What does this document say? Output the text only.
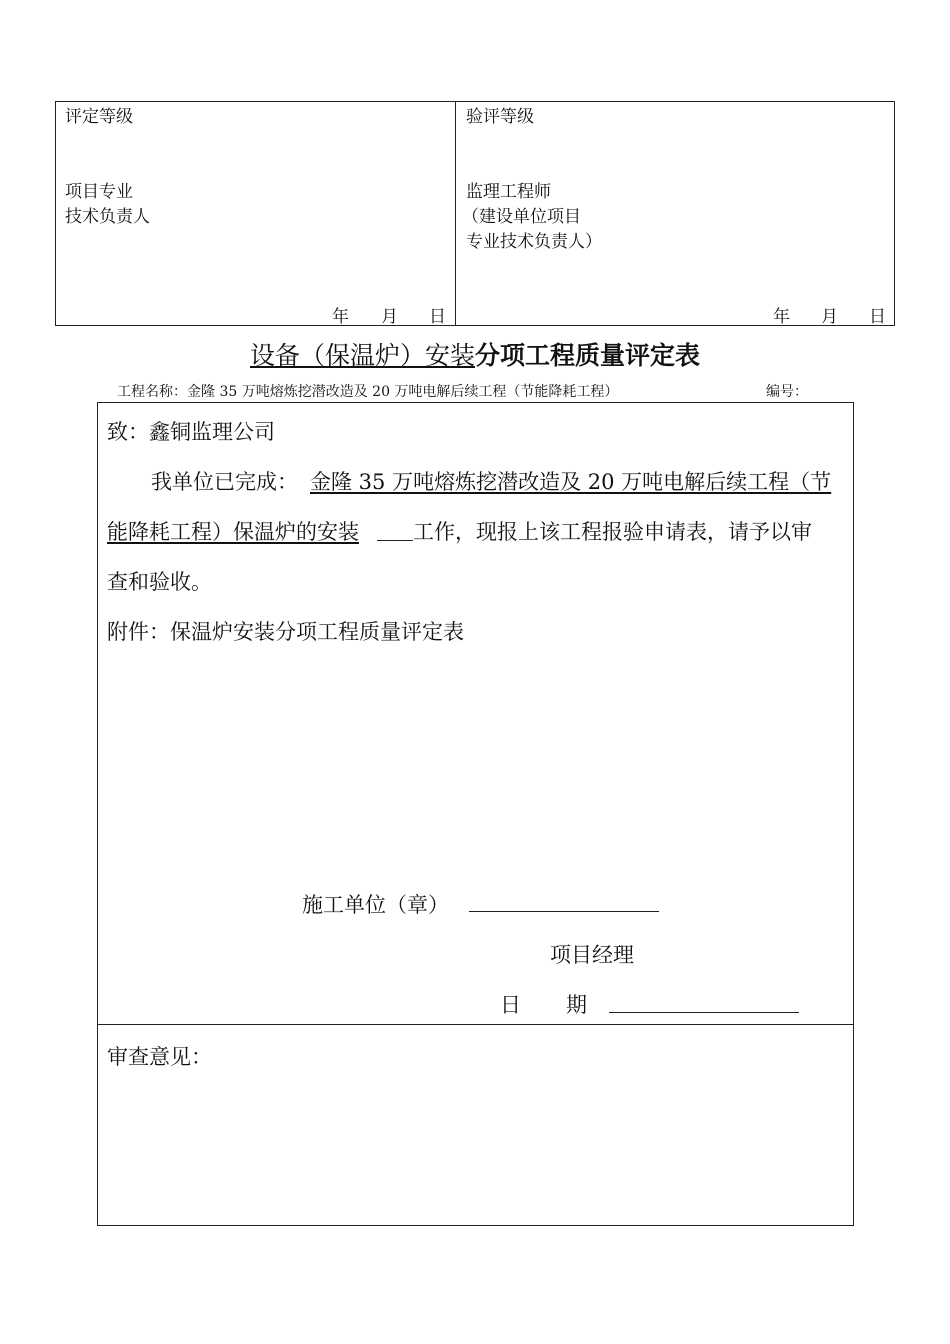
评定等级
项目专业
技术负责人
年 月 日
验评等级
监理工程师
（建设单位项目
专业技术负责人）
年 月 日
设备（保温炉）安装分项工程质量评定表
工程名称：金隆 35 万吨熔炼挖潜改造及 20 万吨电解后续工程（节能降耗工程）	编号：
致：鑫铜监理公司
我单位已完成： 金隆 35 万吨熔炼挖潜改造及 20 万吨电解后续工程（节
能降耗工程）保温炉的安装	工作，现报上该工程报验申请表，请予以审
查和验收。
附件：保温炉安装分项工程质量评定表
施工单位（章）
项目经理
日 期
审查意见：
